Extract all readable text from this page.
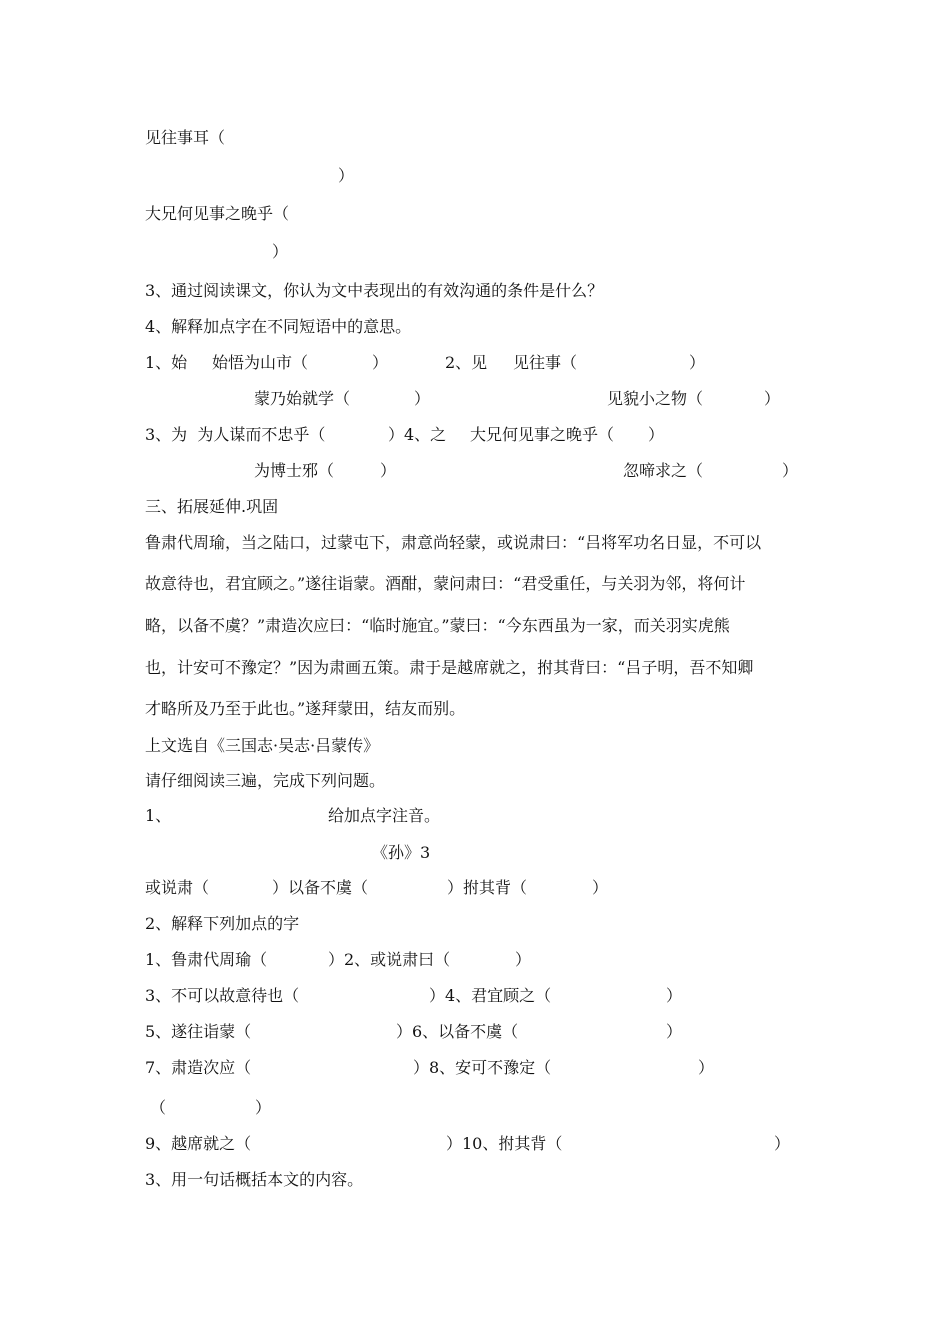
见往事耳（
）
大兄何见事之晚乎（
）
3、通过阅读课文，你认为文中表现出的有效沟通的条件是什么？
4、解释加点字在不同短语中的意思。
1、始 始悟为山市（	）	2、见 见往事（	）
蒙乃始就学（	）	见貌小之物（	）
3、为  为人谋而不忠乎（	）4、之 大兄何见事之晚乎（ ）
为博士邪（	）	忽啼求之（	）
三、拓展延伸.巩固
鲁肃代周瑜，当之陆口，过蒙屯下，肃意尚轻蒙，或说肃曰：“吕将军功名日显，不可以
故意待也，君宜顾之。”遂往诣蒙。酒酣，蒙问肃曰：“君受重任，与关羽为邻，将何计
略，以备不虞？”肃造次应曰：“临时施宜。”蒙曰：“今东西虽为一家，而关羽实虎熊
也，计安可不豫定？”因为肃画五策。肃于是越席就之，拊其背曰：“吕子明，吾不知卿
才略所及乃至于此也。”遂拜蒙田，结友而别。
上文选自《三国志·吴志·吕蒙传》
请仔细阅读三遍，完成下列问题。
1、	给加点字注音。
《孙》3
或说肃（	）以备不虞（	）拊其背（	）
2、解释下列加点的字
1、鲁肃代周瑜（	）2、或说肃曰（	）
3、不可以故意待也（	）4、君宜顾之（	）
5、遂往诣蒙（	）6、以备不虞（	）
7、肃造次应（	）8、安可不豫定（	）
（	）
9、越席就之（	）10、拊其背（	）
3、用一句话概括本文的内容。
